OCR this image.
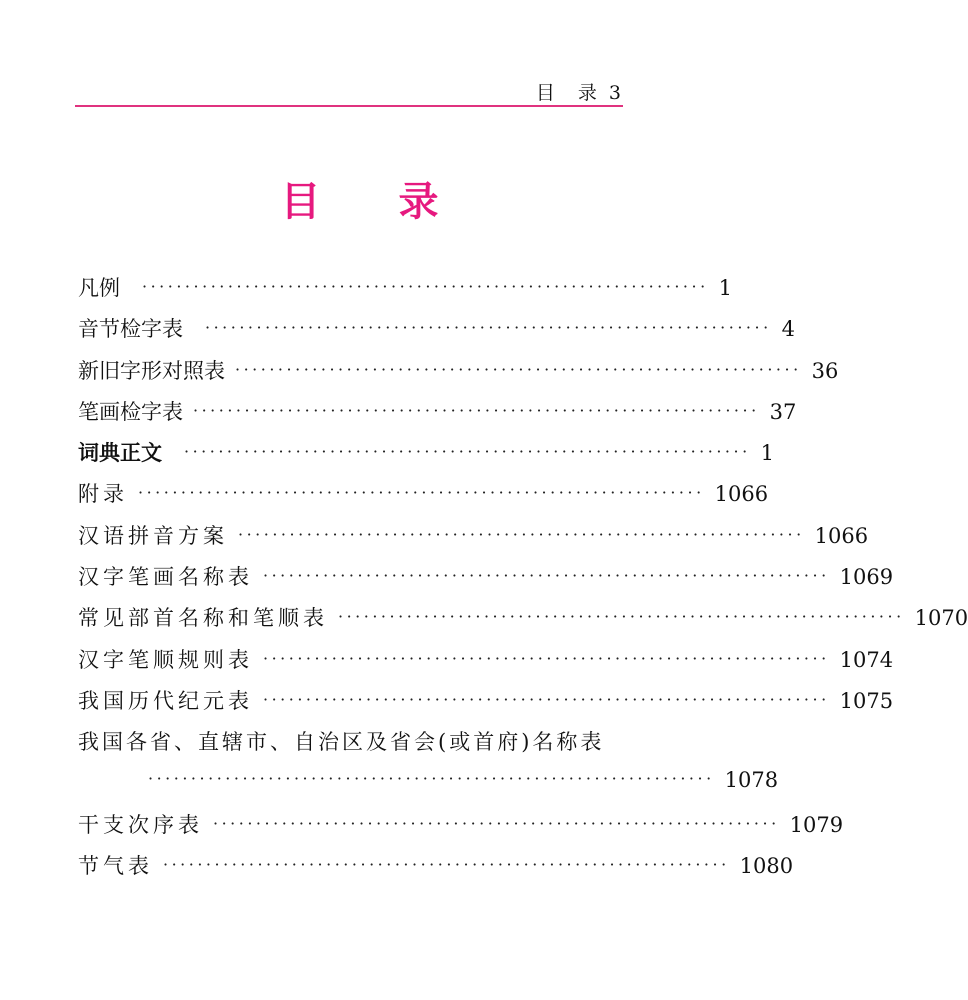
目　录 3
目录
凡例 ·································································· 1
音节检字表 ·································································· 4
新旧字形对照表 ·································································· 36
笔画检字表 ·································································· 37
词典正文 ·································································· 1
附录 ·································································· 1066
汉语拼音方案 ·································································· 1066
汉字笔画名称表 ·································································· 1069
常见部首名称和笔顺表 ·································································· 1070
汉字笔顺规则表 ·································································· 1074
我国历代纪元表 ·································································· 1075
我国各省、直辖市、自治区及省会(或首府)名称表
·································································· 1078
干支次序表 ·································································· 1079
节气表 ·································································· 1080
